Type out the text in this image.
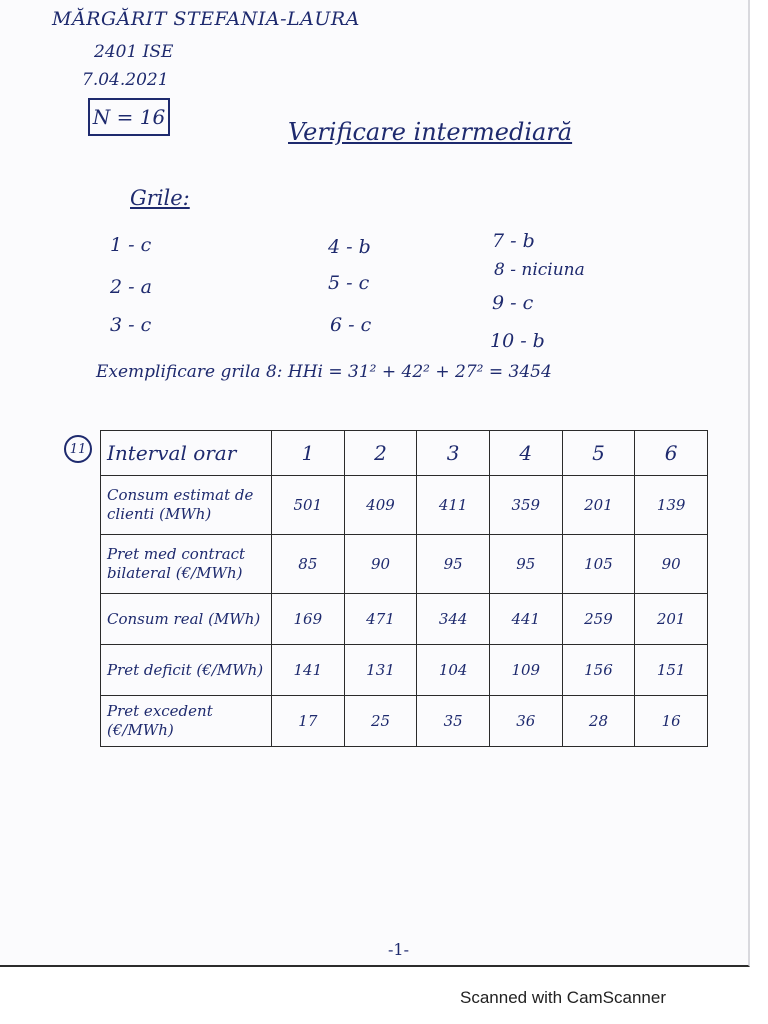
MĂRGĂRIT STEFANIA-LAURA
2401 ISE
7.04.2021
N = 16
Verificare intermediară
Grile:
1 - c
2 - a
3 - c
4 - b
5 - c
6 - c
7 - b
8 - niciuna
9 - c
10 - b
Exemplificare grila 8: HHi = 31² + 42² + 27² = 3454
11 Interval orar	1	2	3	4	5	6
Consum estimat de clienti (MWh)	501	409	411	359	201	139
Pret med contract bilateral (€/MWh)	85	90	95	95	105	90
Consum real (MWh)	169	471	344	441	259	201
Pret deficit (€/MWh)	141	131	104	109	156	151
Pret excedent (€/MWh)	17	25	35	36	28	16
-1-
Scanned with CamScanner
